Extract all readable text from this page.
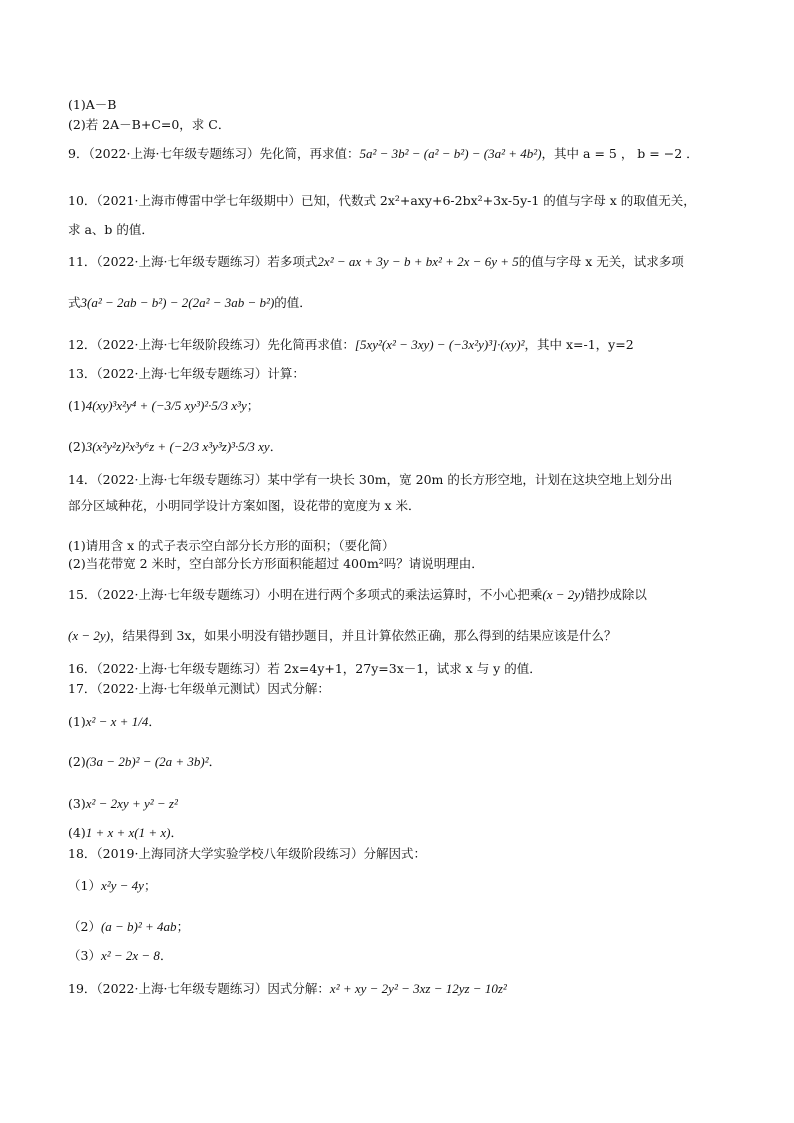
(1)A－B
(2)若 2A－B+C=0，求 C．
9．（2022·上海·七年级专题练习）先化简，再求值：5a² − 3b² − (a² − b²) − (3a² + 4b²)，其中 a = 5 ， b = −2 ．
10．（2021·上海市傅雷中学七年级期中）已知，代数式 2x²+axy+6-2bx²+3x-5y-1 的值与字母 x 的取值无关，
求 a、b 的值．
11．（2022·上海·七年级专题练习）若多项式2x² − ax + 3y − b + bx² + 2x − 6y + 5的值与字母 x 无关，试求多项
式3(a² − 2ab − b²) − 2(2a² − 3ab − b²)的值．
12．（2022·上海·七年级阶段练习）先化简再求值：[5xy²(x² − 3xy) − (−3x²y)³]·(xy)²，其中 x=-1，y=2
13．（2022·上海·七年级专题练习）计算：
(1)4(xy)³x²y⁴ + (−3/5 xy³)²·5/3 x³y；
(2)3(x²y²z)²x³y⁶z + (−2/3 x³y³z)³·5/3 xy．
14．（2022·上海·七年级专题练习）某中学有一块长 30m，宽 20m 的长方形空地，计划在这块空地上划分出
部分区域种花，小明同学设计方案如图，设花带的宽度为 x 米．
(1)请用含 x 的式子表示空白部分长方形的面积；（要化简）
(2)当花带宽 2 米时，空白部分长方形面积能超过 400m²吗？请说明理由．
15．（2022·上海·七年级专题练习）小明在进行两个多项式的乘法运算时，不小心把乘(x − 2y)错抄成除以
(x − 2y)，结果得到 3x，如果小明没有错抄题目，并且计算依然正确，那么得到的结果应该是什么？
16．（2022·上海·七年级专题练习）若 2x=4y+1，27y=3x－1，试求 x 与 y 的值．
17．（2022·上海·七年级单元测试）因式分解：
(1)x² − x + 1/4．
(2)(3a − 2b)² − (2a + 3b)²．
(3)x² − 2xy + y² − z²
(4)1 + x + x(1 + x)．
18．（2019·上海同济大学实验学校八年级阶段练习）分解因式：
（1）x²y − 4y；
（2）(a − b)² + 4ab；
（3）x² − 2x − 8．
19．（2022·上海·七年级专题练习）因式分解：x² + xy − 2y² − 3xz − 12yz − 10z²
